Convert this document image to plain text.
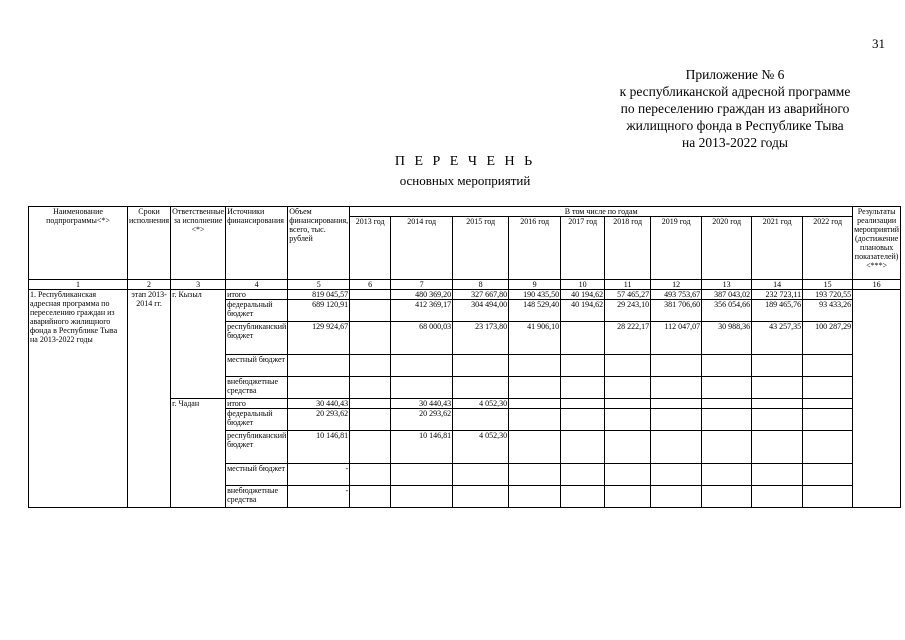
31
Приложение № 6
к республиканской адресной программе
по переселению граждан из аварийного
жилищного фонда в Республике Тыва
на 2013-2022 годы
П Е Р Е Ч Е Н Ь
основных мероприятий
Наименование подпрограммы<*>	Сроки исполнения	Ответственные за исполнение <*>	Источники финансирования	Объем финансирования, всего, тыс. рублей	В том числе по годам										Результаты реализации мероприятий (достижение плановых показателей) <***>
					2013 год	2014 год	2015 год	2016 год	2017 год	2018 год	2019 год	2020 год	2021 год	2022 год	
1	2	3	4	5	6	7	8	9	10	11	12	13	14	15	16
1. Республиканская адресная программа по переселению граждан из аварийного жилищного фонда в Республике Тыва на 2013-2022 годы	этап 2013-2014 гг.	г. Кызыл	итого	819 045,57		480 369,20	327 667,80	190 435,50	40 194,62	57 465,27	493 753,67	387 043,02	232 723,11	193 720,55	
			федеральный бюджет	689 120,91		412 369,17	304 494,00	148 529,40	40 194,62	29 243,10	381 706,60	356 054,66	189 465,76	93 433,26	
			республиканский бюджет	129 924,67		68 000,03	23 173,80	41 906,10		28 222,17	112 047,07	30 988,36	43 257,35	100 287,29	
			местный бюджет												
			внебюджетные средства												
		г. Чадан	итого	30 440,43		30 440,43	4 052,30								
			федеральный бюджет	20 293,62		20 293,62									
			республиканский бюджет	10 146,81		10 146,81	4 052,30								
			местный бюджет	-											
			внебюджетные средства	-											
